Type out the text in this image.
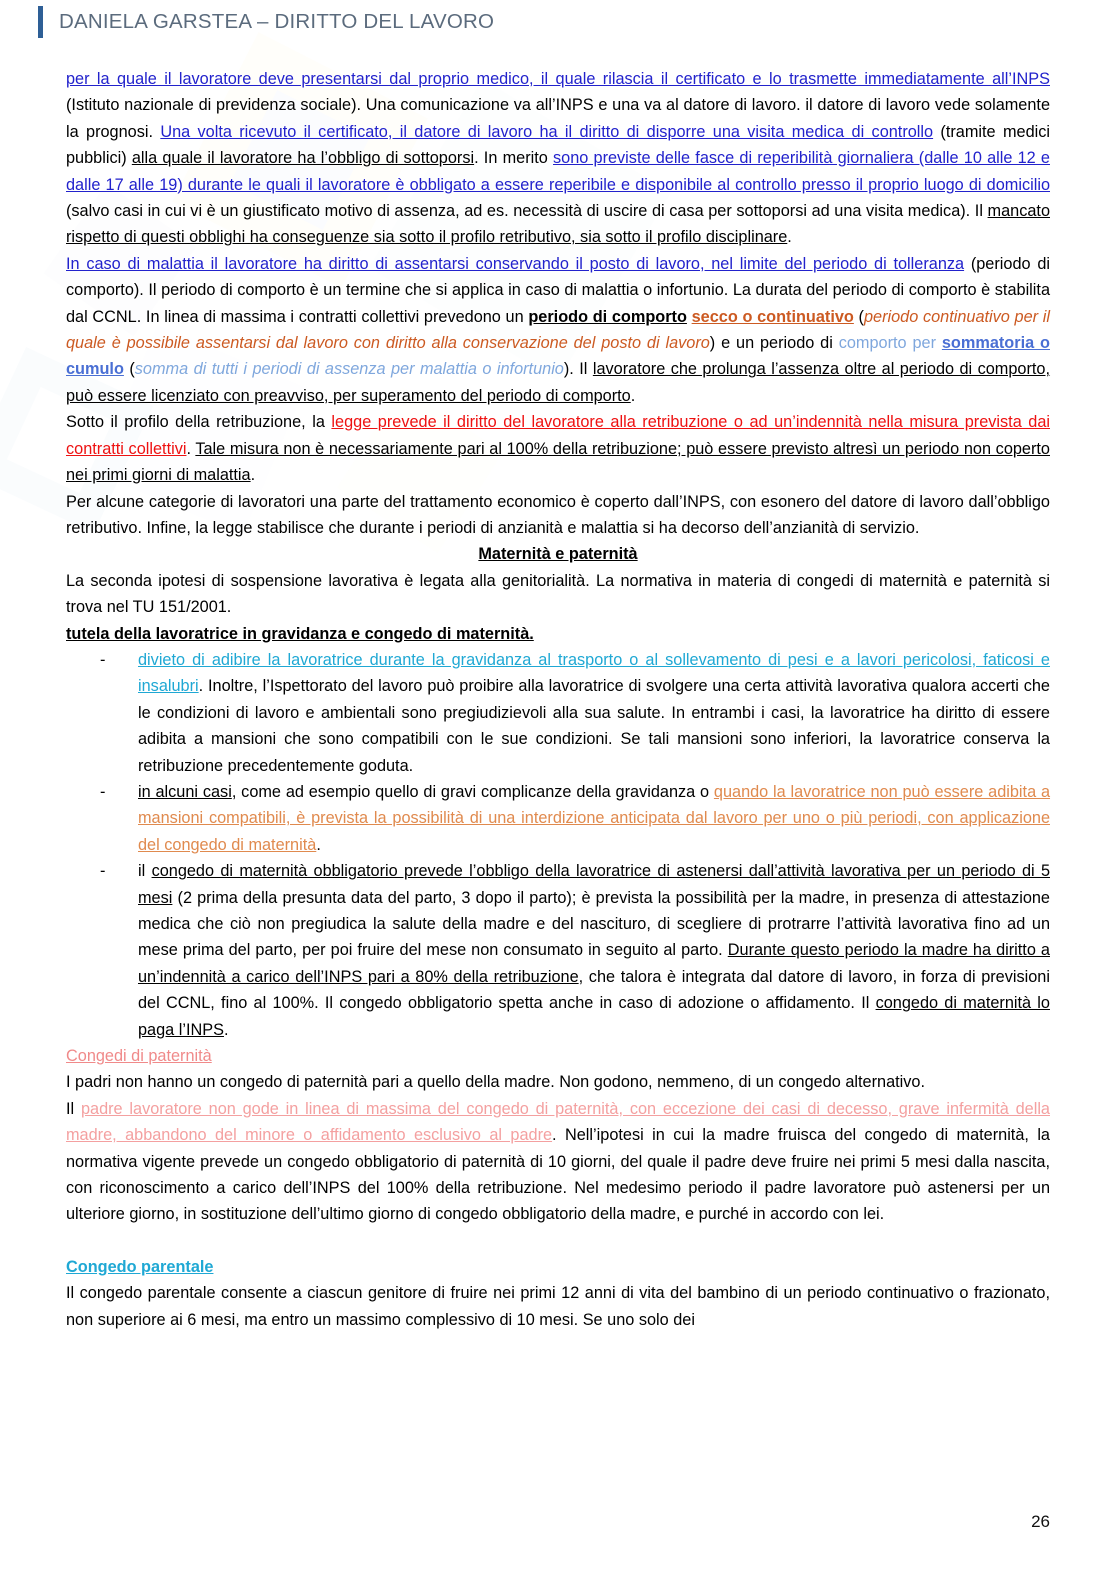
DANIELA GARSTEA – DIRITTO DEL LAVORO

per la quale il lavoratore deve presentarsi dal proprio medico, il quale rilascia il certificato e lo trasmette immediatamente all’INPS (Istituto nazionale di previdenza sociale). Una comunicazione va all’INPS e una va al datore di lavoro. il datore di lavoro vede solamente la prognosi. Una volta ricevuto il certificato, il datore di lavoro ha il diritto di disporre una visita medica di controllo (tramite medici pubblici) alla quale il lavoratore ha l’obbligo di sottoporsi. In merito sono previste delle fasce di reperibilità giornaliera (dalle 10 alle 12 e dalle 17 alle 19) durante le quali il lavoratore è obbligato a essere reperibile e disponibile al controllo presso il proprio luogo di domicilio (salvo casi in cui vi è un giustificato motivo di assenza, ad es. necessità di uscire di casa per sottoporsi ad una visita medica). Il mancato rispetto di questi obblighi ha conseguenze sia sotto il profilo retributivo, sia sotto il profilo disciplinare.

In caso di malattia il lavoratore ha diritto di assentarsi conservando il posto di lavoro, nel limite del periodo di tolleranza (periodo di comporto). Il periodo di comporto è un termine che si applica in caso di malattia o infortunio. La durata del periodo di comporto è stabilita dal CCNL. In linea di massima i contratti collettivi prevedono un periodo di comporto secco o continuativo (periodo continuativo per il quale è possibile assentarsi dal lavoro con diritto alla conservazione del posto di lavoro) e un periodo di comporto per sommatoria o cumulo (somma di tutti i periodi di assenza per malattia o infortunio). Il lavoratore che prolunga l’assenza oltre al periodo di comporto, può essere licenziato con preavviso, per superamento del periodo di comporto.

Sotto il profilo della retribuzione, la legge prevede il diritto del lavoratore alla retribuzione o ad un’indennità nella misura prevista dai contratti collettivi. Tale misura non è necessariamente pari al 100% della retribuzione; può essere previsto altresì un periodo non coperto nei primi giorni di malattia.

Per alcune categorie di lavoratori una parte del trattamento economico è coperto dall’INPS, con esonero del datore di lavoro dall’obbligo retributivo. Infine, la legge stabilisce che durante i periodi di anzianità e malattia si ha decorso dell’anzianità di servizio.

Maternità e paternità

La seconda ipotesi di sospensione lavorativa è legata alla genitorialità. La normativa in materia di congedi di maternità e paternità si trova nel TU 151/2001.

tutela della lavoratrice in gravidanza e congedo di maternità.

- divieto di adibire la lavoratrice durante la gravidanza al trasporto o al sollevamento di pesi e a lavori pericolosi, faticosi e insalubri. Inoltre, l’Ispettorato del lavoro può proibire alla lavoratrice di svolgere una certa attività lavorativa qualora accerti che le condizioni di lavoro e ambientali sono pregiudizievoli alla sua salute. In entrambi i casi, la lavoratrice ha diritto di essere adibita a mansioni che sono compatibili con le sue condizioni. Se tali mansioni sono inferiori, la lavoratrice conserva la retribuzione precedentemente goduta.
- in alcuni casi, come ad esempio quello di gravi complicanze della gravidanza o quando la lavoratrice non può essere adibita a mansioni compatibili, è prevista la possibilità di una interdizione anticipata dal lavoro per uno o più periodi, con applicazione del congedo di maternità.
- il congedo di maternità obbligatorio prevede l’obbligo della lavoratrice di astenersi dall’attività lavorativa per un periodo di 5 mesi (2 prima della presunta data del parto, 3 dopo il parto); è prevista la possibilità per la madre, in presenza di attestazione medica che ciò non pregiudica la salute della madre e del nascituro, di scegliere di protrarre l’attività lavorativa fino ad un mese prima del parto, per poi fruire del mese non consumato in seguito al parto. Durante questo periodo la madre ha diritto a un’indennità a carico dell’INPS pari a 80% della retribuzione, che talora è integrata dal datore di lavoro, in forza di previsioni del CCNL, fino al 100%. Il congedo obbligatorio spetta anche in caso di adozione o affidamento. Il congedo di maternità lo paga l’INPS.

Congedi di paternità

I padri non hanno un congedo di paternità pari a quello della madre. Non godono, nemmeno, di un congedo alternativo.

Il padre lavoratore non gode in linea di massima del congedo di paternità, con eccezione dei casi di decesso, grave infermità della madre, abbandono del minore o affidamento esclusivo al padre. Nell’ipotesi in cui la madre fruisca del congedo di maternità, la normativa vigente prevede un congedo obbligatorio di paternità di 10 giorni, del quale il padre deve fruire nei primi 5 mesi dalla nascita, con riconoscimento a carico dell’INPS del 100% della retribuzione. Nel medesimo periodo il padre lavoratore può astenersi per un ulteriore giorno, in sostituzione dell’ultimo giorno di congedo obbligatorio della madre, e purché in accordo con lei.

Congedo parentale

Il congedo parentale consente a ciascun genitore di fruire nei primi 12 anni di vita del bambino di un periodo continuativo o frazionato, non superiore ai 6 mesi, ma entro un massimo complessivo di 10 mesi. Se uno solo dei

26
